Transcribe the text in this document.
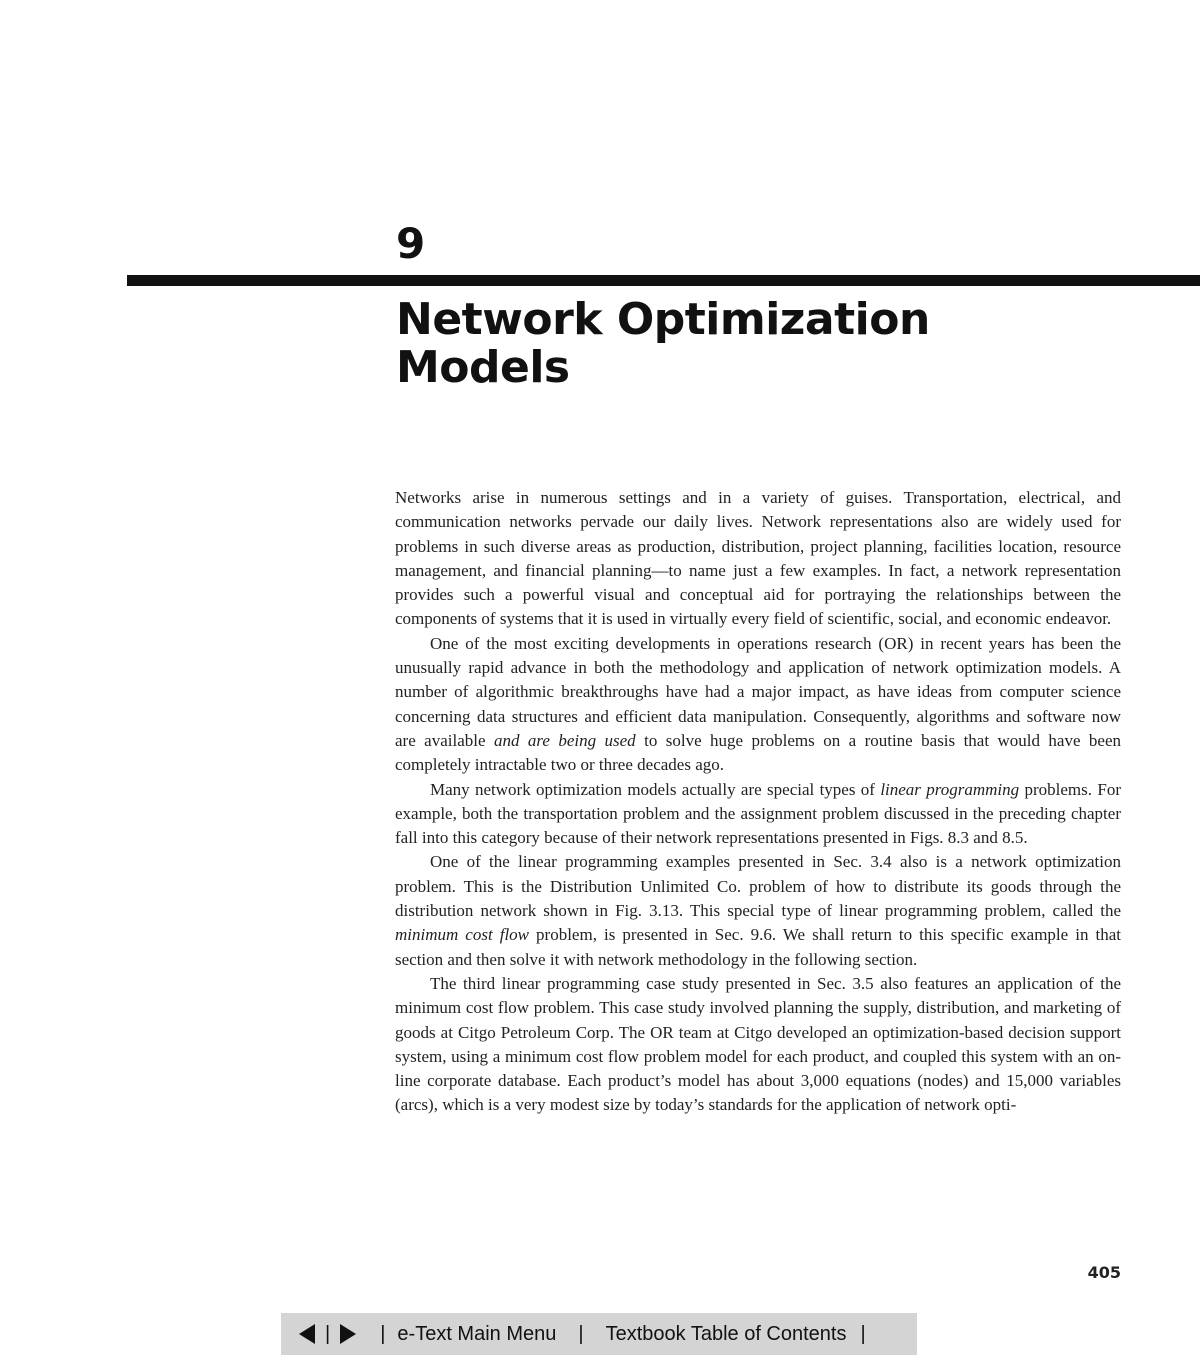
9
Network Optimization
Models

Networks arise in numerous settings and in a variety of guises. Transportation, electrical, and communication networks pervade our daily lives. Network representations also are widely used for problems in such diverse areas as production, distribution, project planning, facilities location, resource management, and financial planning—to name just a few examples. In fact, a network representation provides such a powerful visual and conceptual aid for portraying the relationships between the components of systems that it is used in virtually every field of scientific, social, and economic endeavor.

One of the most exciting developments in operations research (OR) in recent years has been the unusually rapid advance in both the methodology and application of network optimization models. A number of algorithmic breakthroughs have had a major impact, as have ideas from computer science concerning data structures and efficient data manipulation. Consequently, algorithms and software now are available and are being used to solve huge problems on a routine basis that would have been completely intractable two or three decades ago.

Many network optimization models actually are special types of linear programming problems. For example, both the transportation problem and the assignment problem discussed in the preceding chapter fall into this category because of their network representations presented in Figs. 8.3 and 8.5.

One of the linear programming examples presented in Sec. 3.4 also is a network optimization problem. This is the Distribution Unlimited Co. problem of how to distribute its goods through the distribution network shown in Fig. 3.13. This special type of linear programming problem, called the minimum cost flow problem, is presented in Sec. 9.6. We shall return to this specific example in that section and then solve it with network methodology in the following section.

The third linear programming case study presented in Sec. 3.5 also features an application of the minimum cost flow problem. This case study involved planning the supply, distribution, and marketing of goods at Citgo Petroleum Corp. The OR team at Citgo developed an optimization-based decision support system, using a minimum cost flow problem model for each product, and coupled this system with an on-line corporate database. Each product’s model has about 3,000 equations (nodes) and 15,000 variables (arcs), which is a very modest size by today’s standards for the application of network opti-

405
|	| e-Text Main Menu | Textbook Table of Contents |
